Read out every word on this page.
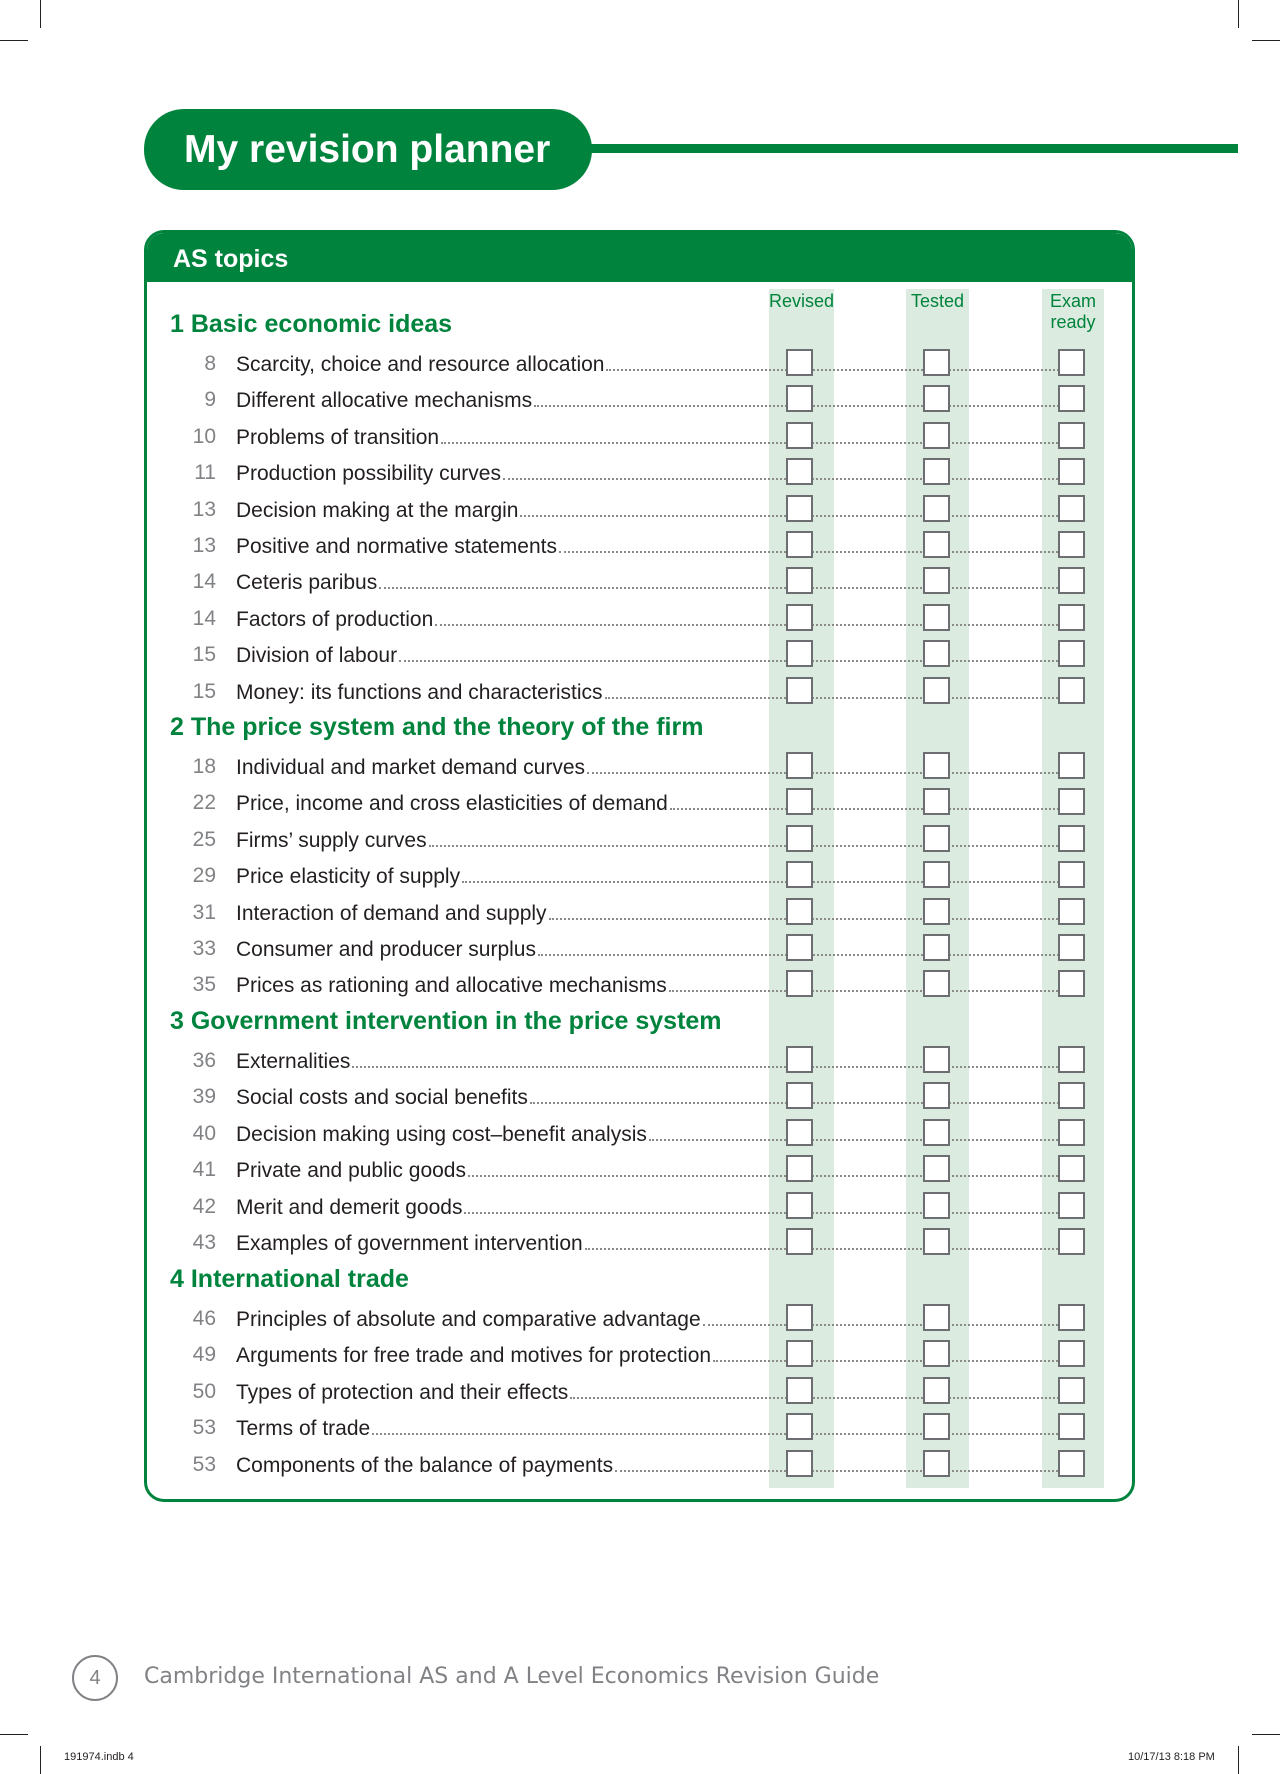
My revision planner
AS topics
Revised	Tested	Exam ready
1 Basic economic ideas
8 Scarcity, choice and resource allocation
9 Different allocative mechanisms
10 Problems of transition
11 Production possibility curves
13 Decision making at the margin
13 Positive and normative statements
14 Ceteris paribus
14 Factors of production
15 Division of labour
15 Money: its functions and characteristics
2 The price system and the theory of the firm
18 Individual and market demand curves
22 Price, income and cross elasticities of demand
25 Firms’ supply curves
29 Price elasticity of supply
31 Interaction of demand and supply
33 Consumer and producer surplus
35 Prices as rationing and allocative mechanisms
3 Government intervention in the price system
36 Externalities
39 Social costs and social benefits
40 Decision making using cost–benefit analysis
41 Private and public goods
42 Merit and demerit goods
43 Examples of government intervention
4 International trade
46 Principles of absolute and comparative advantage
49 Arguments for free trade and motives for protection
50 Types of protection and their effects
53 Terms of trade
53 Components of the balance of payments
4	Cambridge International AS and A Level Economics Revision Guide
191974.indb 4	10/17/13 8:18 PM
